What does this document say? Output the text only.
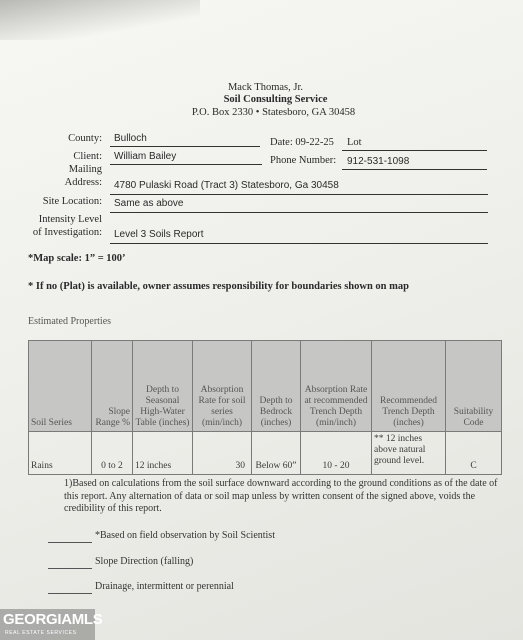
Mack Thomas, Jr.
Soil Consulting Service
P.O. Box 2330 • Statesboro, GA 30458
County: Bulloch	Date: 09-22-25 Lot
Client: William Bailey	Phone Number: 912-531-1098
Mailing
Address: 4780 Pulaski Road (Tract 3) Statesboro, Ga 30458
Site Location: Same as above
Intensity Level
of Investigation: Level 3 Soils Report
*Map scale: 1” = 100’
* If no (Plat) is available, owner assumes responsibility for boundaries shown on map
Estimated Properties
Soil Series	Slope Range %	Depth to Seasonal High-Water Table (inches)	Absorption Rate for soil series (min/inch)	Depth to Bedrock (inches)	Absorption Rate at recommended Trench Depth (min/inch)	Recommended Trench Depth (inches)	Suitability Code
Rains	0 to 2	12 inches	30	Below 60”	10 - 20	** 12 inches above natural ground level.	C
1)Based on calculations from the soil surface downward according to the ground conditions as of the date of this report. Any alternation of data or soil map unless by written consent of the signed above, voids the credibility of this report.
*Based on field observation by Soil Scientist
Slope Direction (falling)
Drainage, intermittent or perennial
GEORGIAMLS
REAL ESTATE SERVICES
